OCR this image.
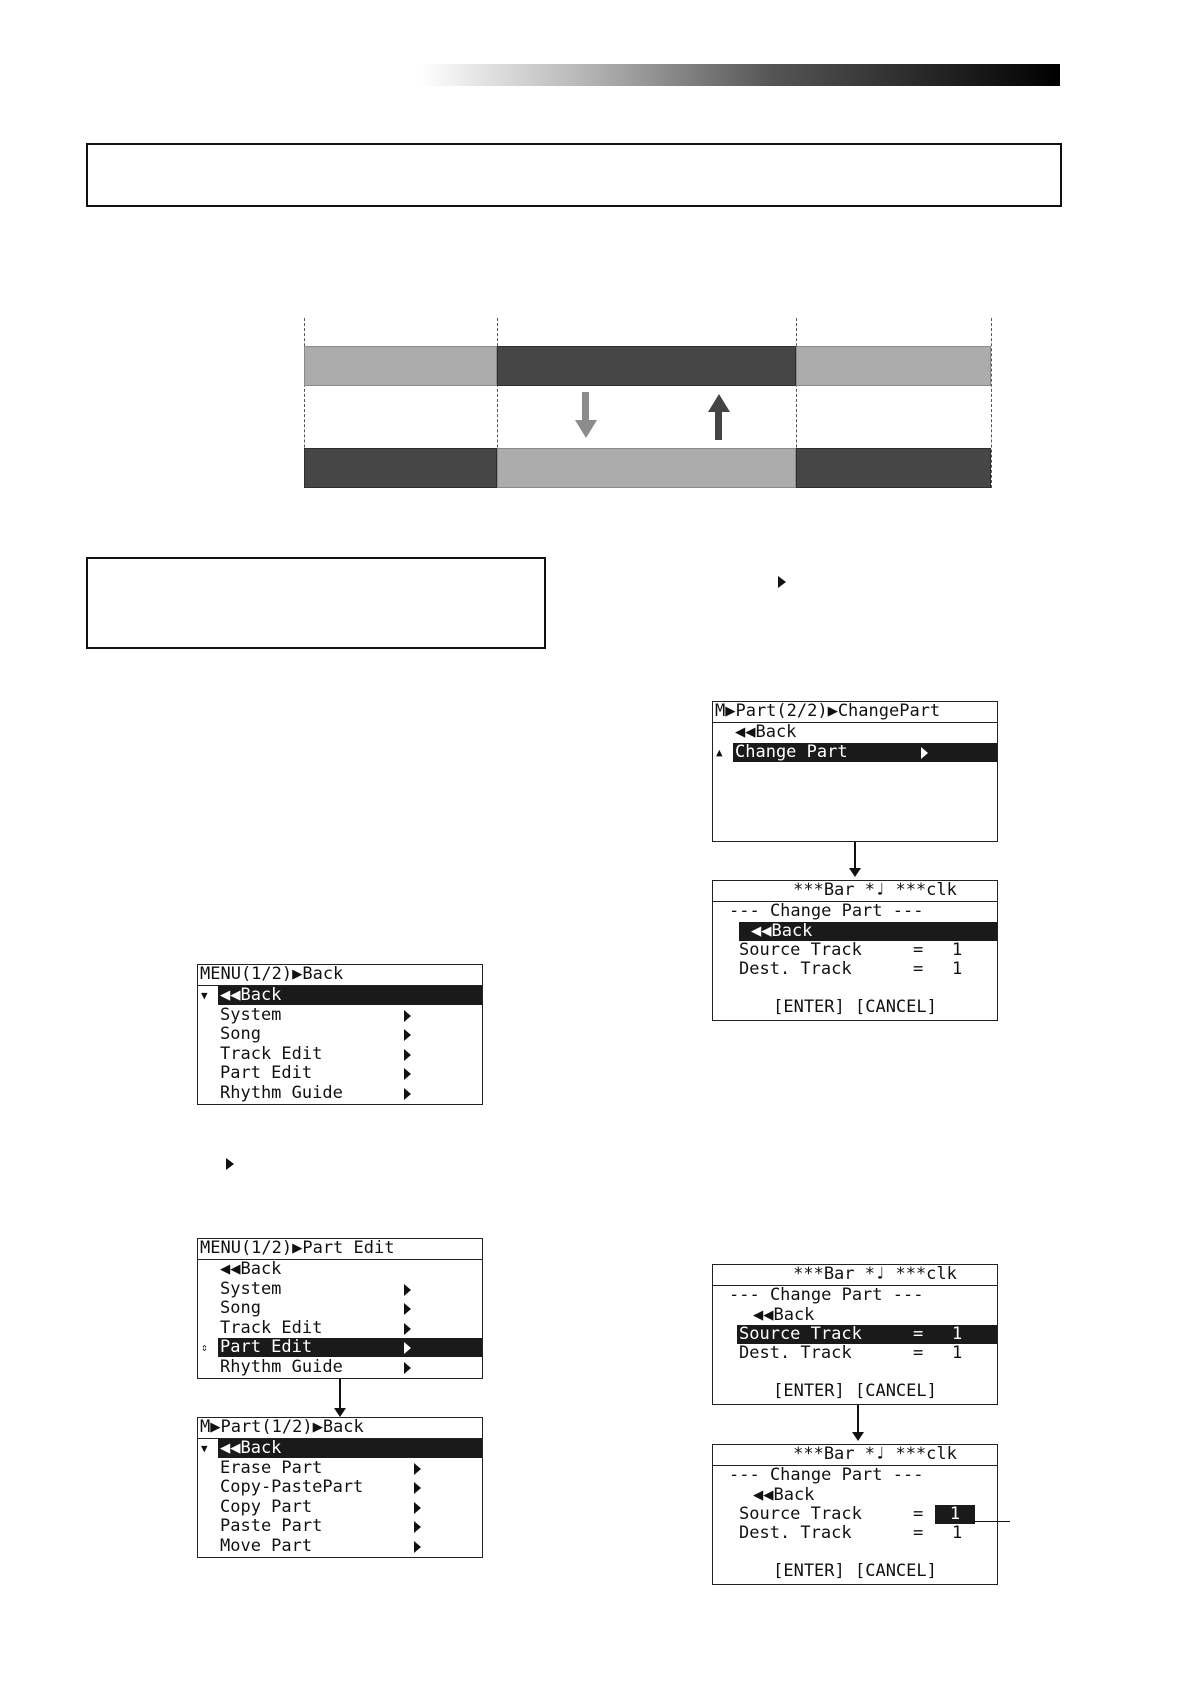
MENU(1/2)▶Back
▼ ◀◀Back
System
Song
Track Edit
Part Edit
Rhythm Guide
MENU(1/2)▶Part Edit
◀◀Back
System
Song
Track Edit
⇕ Part Edit
Rhythm Guide
M▶Part(1/2)▶Back
▼ ◀◀Back
Erase Part
Copy-PastePart
Copy Part
Paste Part
Move Part
M▶Part(2/2)▶ChangePart
◀◀Back
▲ Change Part
***Bar *♩ ***clk
--- Change Part ---
◀◀Back
Source Track	= 1
Dest. Track	= 1
[ENTER] [CANCEL]
***Bar *♩ ***clk
--- Change Part ---
◀◀Back
Source Track	= 1
Dest. Track	= 1
[ENTER] [CANCEL]
***Bar *♩ ***clk
--- Change Part ---
◀◀Back
Source Track	=	1
Dest. Track	= 1
[ENTER] [CANCEL]
